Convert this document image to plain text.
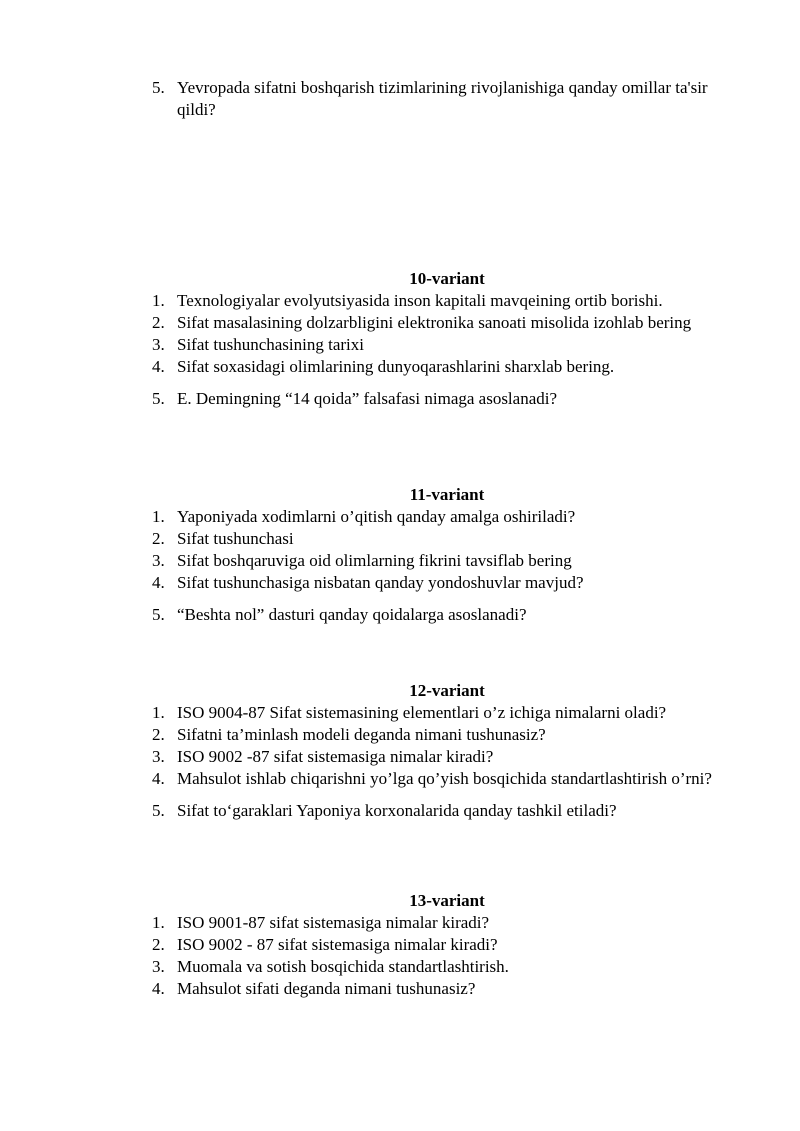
5. Yevropada sifatni boshqarish tizimlarining rivojlanishiga qanday omillar ta'sir qildi?
10-variant
1. Texnologiyalar evolyutsiyasida inson kapitali mavqeining ortib borishi.
2. Sifat masalasining dolzarbligini elektronika sanoati misolida izohlab bering
3. Sifat tushunchasining tarixi
4. Sifat soxasidagi olimlarining dunyoqarashlarini sharxlab bering.
5. E. Demingning “14 qoida” falsafasi nimaga asoslanadi?
11-variant
1. Yaponiyada xodimlarni o’qitish qanday amalga oshiriladi?
2. Sifat tushunchasi
3. Sifat boshqaruviga oid olimlarning fikrini tavsiflab bering
4. Sifat tushunchasiga nisbatan qanday yondoshuvlar mavjud?
5. “Beshta nol” dasturi qanday qoidalarga asoslanadi?
12-variant
1. ISO 9004-87 Sifat sistemasining elementlari o’z ichiga nimalarni oladi?
2. Sifatni ta’minlash modeli deganda nimani tushunasiz?
3. ISO 9002 -87 sifat sistemasiga nimalar kiradi?
4. Mahsulot ishlab chiqarishni yo’lga qo’yish bosqichida standartlashtirish o’rni?
5. Sifat to‘garaklari Yaponiya korxonalarida qanday tashkil etiladi?
13-variant
1. ISO 9001-87 sifat sistemasiga nimalar kiradi?
2. ISO 9002 - 87 sifat sistemasiga nimalar kiradi?
3. Muomala va sotish bosqichida standartlashtirish.
4. Mahsulot sifati deganda nimani tushunasiz?
